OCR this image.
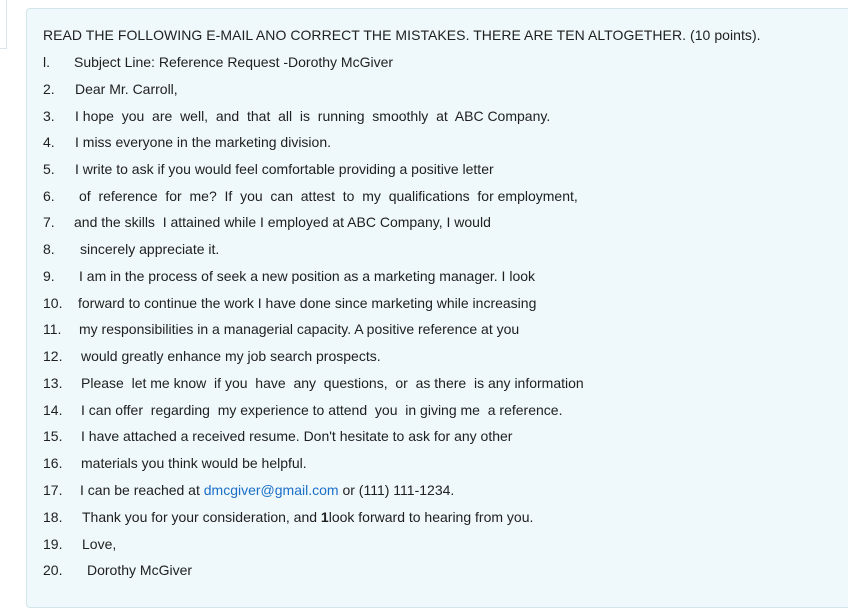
READ THE FOLLOWING E-MAIL ANO CORRECT THE MISTAKES. THERE ARE TEN ALTOGETHER. (10 points).
l. Subject Line: Reference Request -Dorothy McGiver
2. Dear Mr. Carroll,
3. I hope  you  are  well,  and  that  all  is  running  smoothly  at  ABC Company.
4. I miss everyone in the marketing division.
5. I write to ask if you would feel comfortable providing a positive letter
6. of  reference  for  me?  If  you  can  attest  to  my  qualifications  for employment,
7. and the skills  I attained while I employed at ABC Company, I would
8. sincerely appreciate it.
9. I am in the process of seek a new position as a marketing manager. I look
10. forward to continue the work I have done since marketing while increasing
11. my responsibilities in a managerial capacity. A positive reference at you
12. would greatly enhance my job search prospects.
13. Please  let me know  if you  have  any  questions,  or  as there  is any information
14. I can offer  regarding  my experience to attend  you  in giving me  a reference.
15. I have attached a received resume. Don't hesitate to ask for any other
16. materials you think would be helpful.
17. I can be reached at dmcgiver@gmail.com or (111) 111-1234.
18. Thank you for your consideration, and 1look forward to hearing from you.
19. Love,
20. Dorothy McGiver
